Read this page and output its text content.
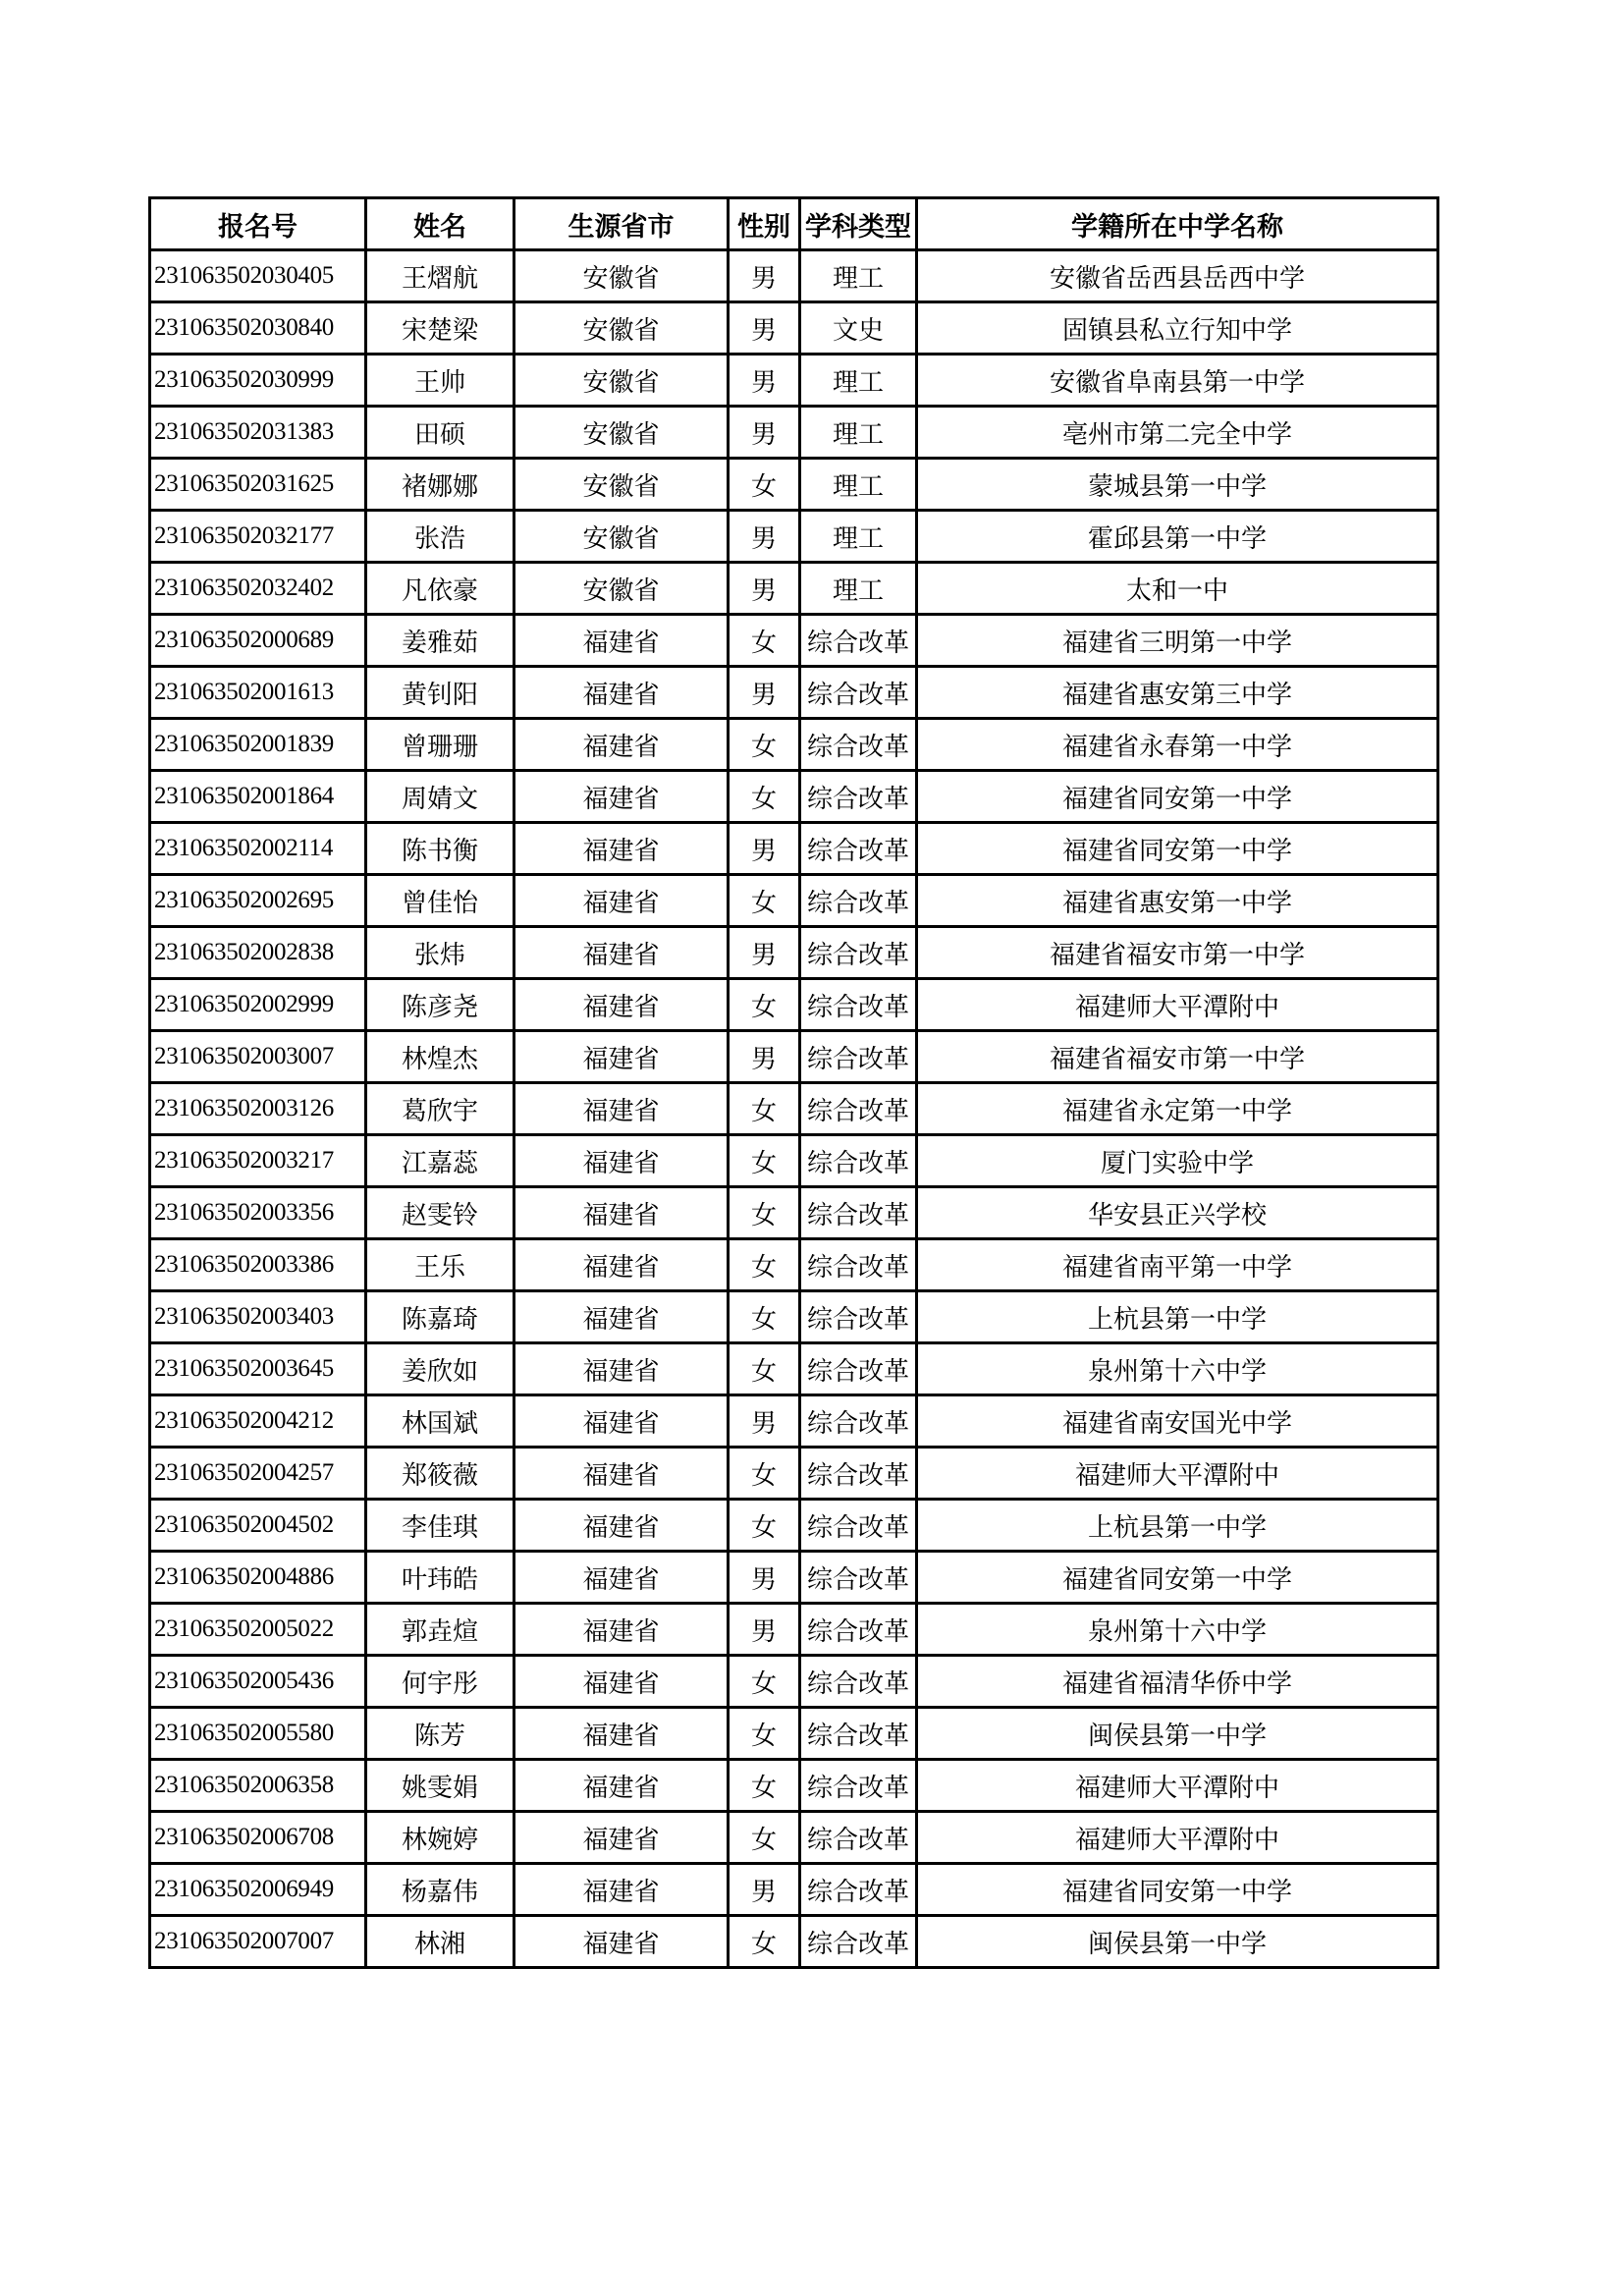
报名号	姓名	生源省市	性别	学科类型	学籍所在中学名称
231063502030405	王熠航	安徽省	男	理工	安徽省岳西县岳西中学
231063502030840	宋楚梁	安徽省	男	文史	固镇县私立行知中学
231063502030999	王帅	安徽省	男	理工	安徽省阜南县第一中学
231063502031383	田硕	安徽省	男	理工	亳州市第二完全中学
231063502031625	褚娜娜	安徽省	女	理工	蒙城县第一中学
231063502032177	张浩	安徽省	男	理工	霍邱县第一中学
231063502032402	凡依豪	安徽省	男	理工	太和一中
231063502000689	姜雅茹	福建省	女	综合改革	福建省三明第一中学
231063502001613	黄钊阳	福建省	男	综合改革	福建省惠安第三中学
231063502001839	曾珊珊	福建省	女	综合改革	福建省永春第一中学
231063502001864	周婧文	福建省	女	综合改革	福建省同安第一中学
231063502002114	陈书衡	福建省	男	综合改革	福建省同安第一中学
231063502002695	曾佳怡	福建省	女	综合改革	福建省惠安第一中学
231063502002838	张炜	福建省	男	综合改革	福建省福安市第一中学
231063502002999	陈彦尧	福建省	女	综合改革	福建师大平潭附中
231063502003007	林煌杰	福建省	男	综合改革	福建省福安市第一中学
231063502003126	葛欣宇	福建省	女	综合改革	福建省永定第一中学
231063502003217	江嘉蕊	福建省	女	综合改革	厦门实验中学
231063502003356	赵雯铃	福建省	女	综合改革	华安县正兴学校
231063502003386	王乐	福建省	女	综合改革	福建省南平第一中学
231063502003403	陈嘉琦	福建省	女	综合改革	上杭县第一中学
231063502003645	姜欣如	福建省	女	综合改革	泉州第十六中学
231063502004212	林国斌	福建省	男	综合改革	福建省南安国光中学
231063502004257	郑筱薇	福建省	女	综合改革	福建师大平潭附中
231063502004502	李佳琪	福建省	女	综合改革	上杭县第一中学
231063502004886	叶玮皓	福建省	男	综合改革	福建省同安第一中学
231063502005022	郭垚煊	福建省	男	综合改革	泉州第十六中学
231063502005436	何宇彤	福建省	女	综合改革	福建省福清华侨中学
231063502005580	陈芳	福建省	女	综合改革	闽侯县第一中学
231063502006358	姚雯娟	福建省	女	综合改革	福建师大平潭附中
231063502006708	林婉婷	福建省	女	综合改革	福建师大平潭附中
231063502006949	杨嘉伟	福建省	男	综合改革	福建省同安第一中学
231063502007007	林湘	福建省	女	综合改革	闽侯县第一中学
